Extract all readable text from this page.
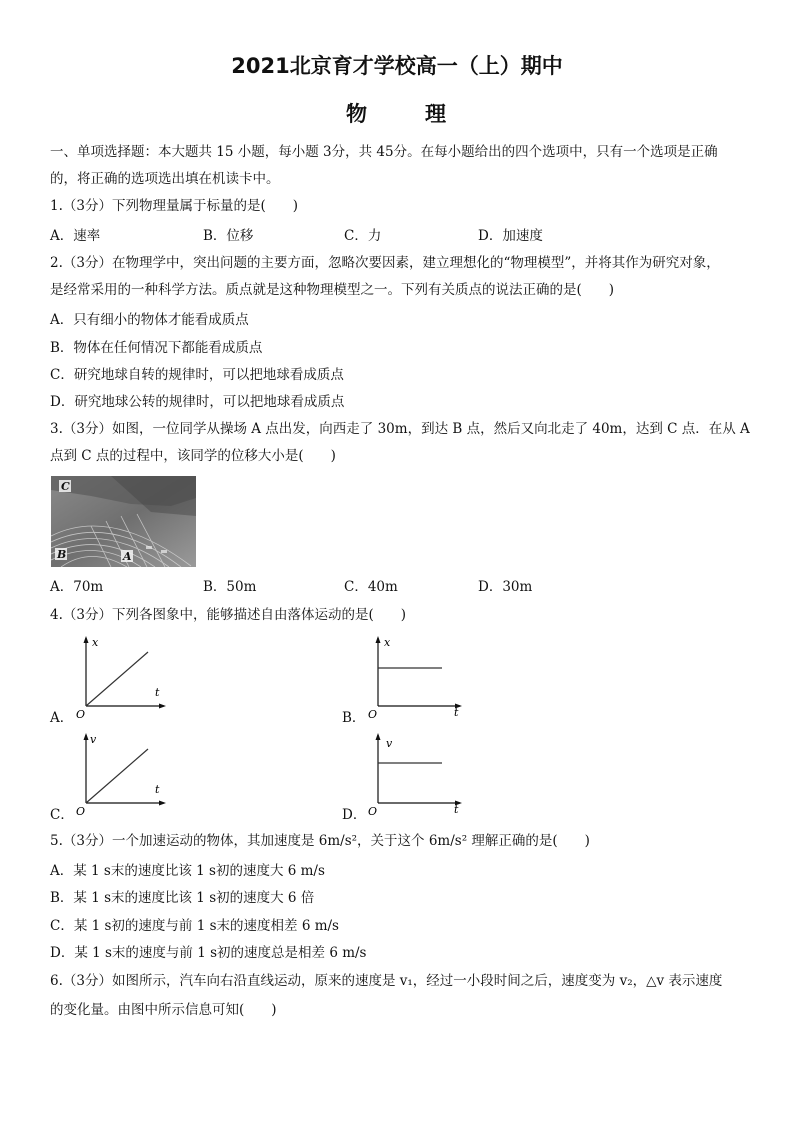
2021北京育才学校高一（上）期中
物	理
一、单项选择题：本大题共 15 小题，每小题 3分，共 45分。在每小题给出的四个选项中，只有一个选项是正确
的，将正确的选项选出填在机读卡中。
1.（3分）下列物理量属于标量的是(　　)
A．速率	B．位移	C．力	D．加速度
2.（3分）在物理学中，突出问题的主要方面，忽略次要因素，建立理想化的“物理模型”，并将其作为研究对象，
是经常采用的一种科学方法。质点就是这种物理模型之一。下列有关质点的说法正确的是(　　)
A．只有细小的物体才能看成质点
B．物体在任何情况下都能看成质点
C．研究地球自转的规律时，可以把地球看成质点
D．研究地球公转的规律时，可以把地球看成质点
3.（3分）如图，一位同学从操场 A 点出发，向西走了 30m，到达 B 点，然后又向北走了 40m，达到 C 点．在从 A
点到 C 点的过程中，该同学的位移大小是(　　)
C
B	A
A．70m	B．50m	C．40m	D．30m
4.（3分）下列各图象中，能够描述自由落体运动的是(　　)
A．
x
t
O	B．
x
t
O
C．
v
t
O	D．
v
t
O
5.（3分）一个加速运动的物体，其加速度是 6m/s²，关于这个 6m/s² 理解正确的是(　　)
A．某 1 s末的速度比该 1 s初的速度大 6 m/s
B．某 1 s末的速度比该 1 s初的速度大 6 倍
C．某 1 s初的速度与前 1 s末的速度相差 6 m/s
D．某 1 s末的速度与前 1 s初的速度总是相差 6 m/s
6.（3分）如图所示，汽车向右沿直线运动，原来的速度是 v₁，经过一小段时间之后，速度变为 v₂，△v 表示速度
的变化量。由图中所示信息可知(　　)
